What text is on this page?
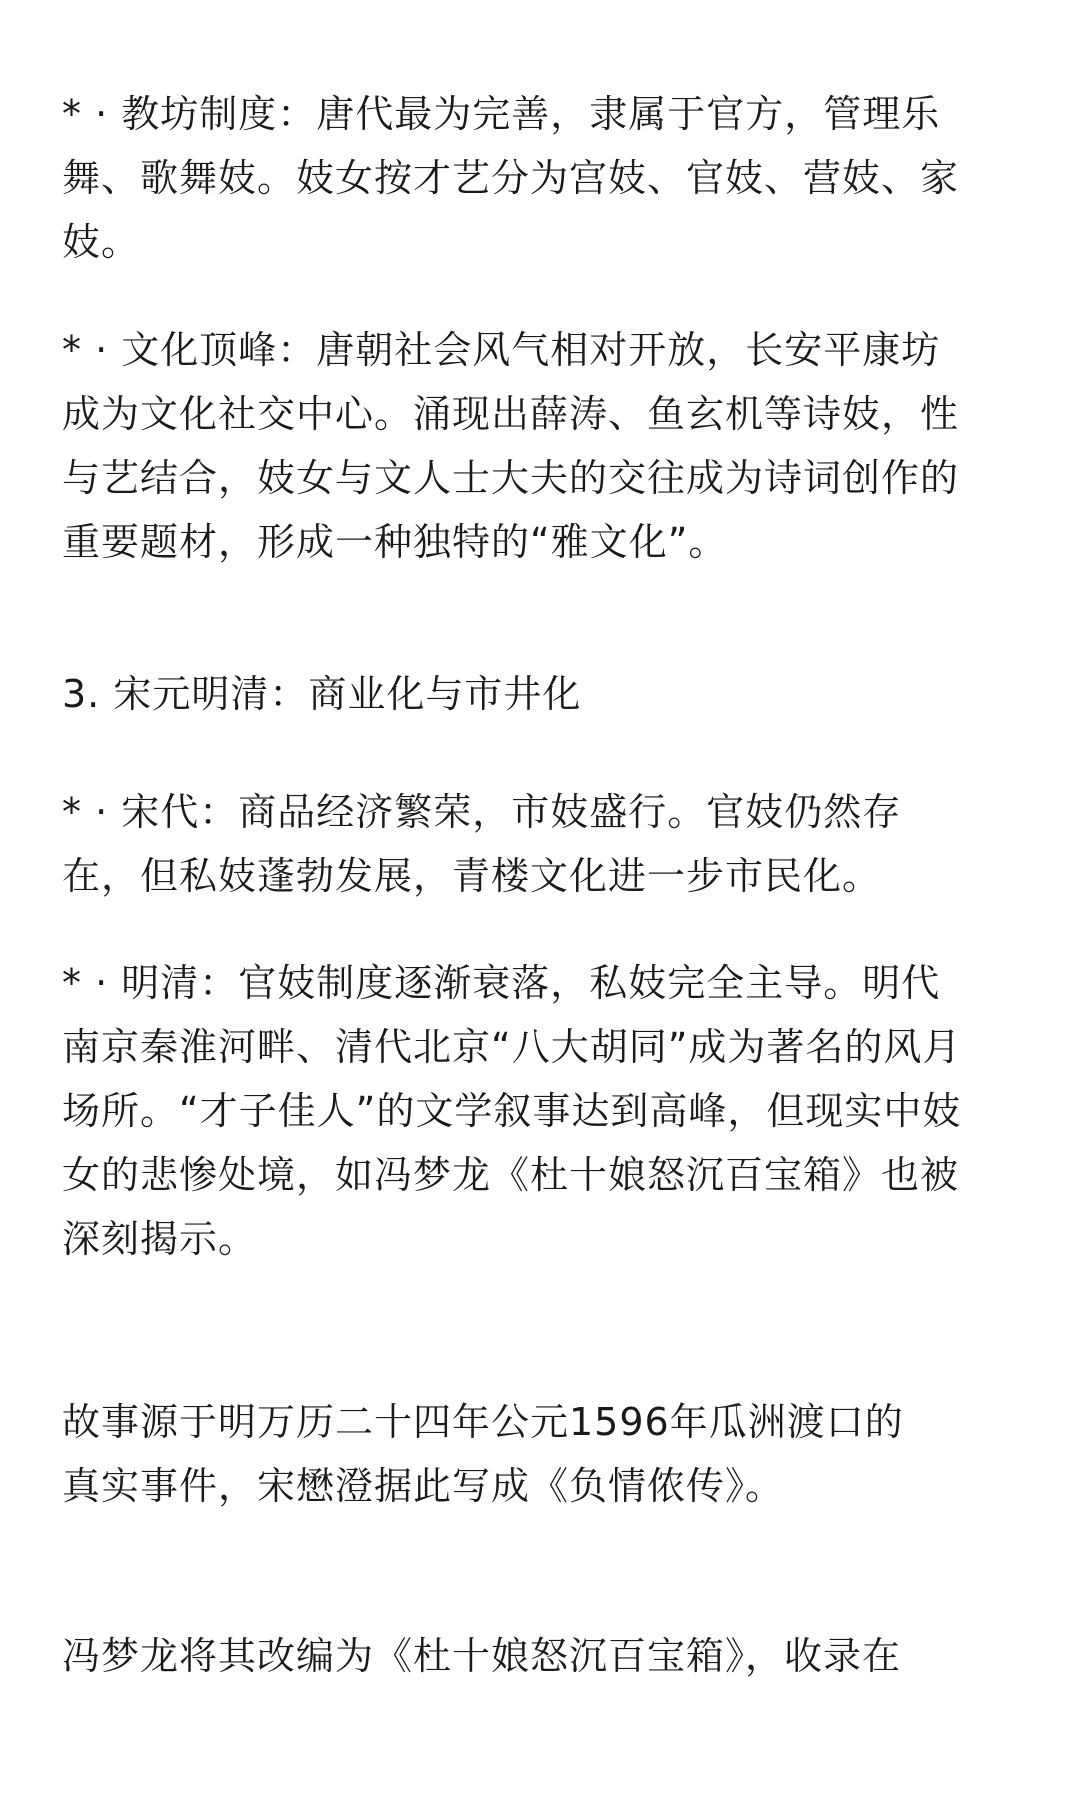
* · 教坊制度：唐代最为完善，隶属于官方，管理乐
舞、歌舞妓。妓女按才艺分为宫妓、官妓、营妓、家
妓。
* · 文化顶峰：唐朝社会风气相对开放，长安平康坊
成为文化社交中心。涌现出薛涛、鱼玄机等诗妓，性
与艺结合，妓女与文人士大夫的交往成为诗词创作的
重要题材，形成一种独特的“雅文化”。
3. 宋元明清：商业化与市井化
* · 宋代：商品经济繁荣，市妓盛行。官妓仍然存
在，但私妓蓬勃发展，青楼文化进一步市民化。
* · 明清：官妓制度逐渐衰落，私妓完全主导。明代
南京秦淮河畔、清代北京“八大胡同”成为著名的风月
场所。“才子佳人”的文学叙事达到高峰，但现实中妓
女的悲惨处境，如冯梦龙《杜十娘怒沉百宝箱》也被
深刻揭示。
故事源于明万历二十四年公元1596年瓜洲渡口的
真实事件，宋懋澄据此写成《负情侬传》。
冯梦龙将其改编为《杜十娘怒沉百宝箱》，收录在
